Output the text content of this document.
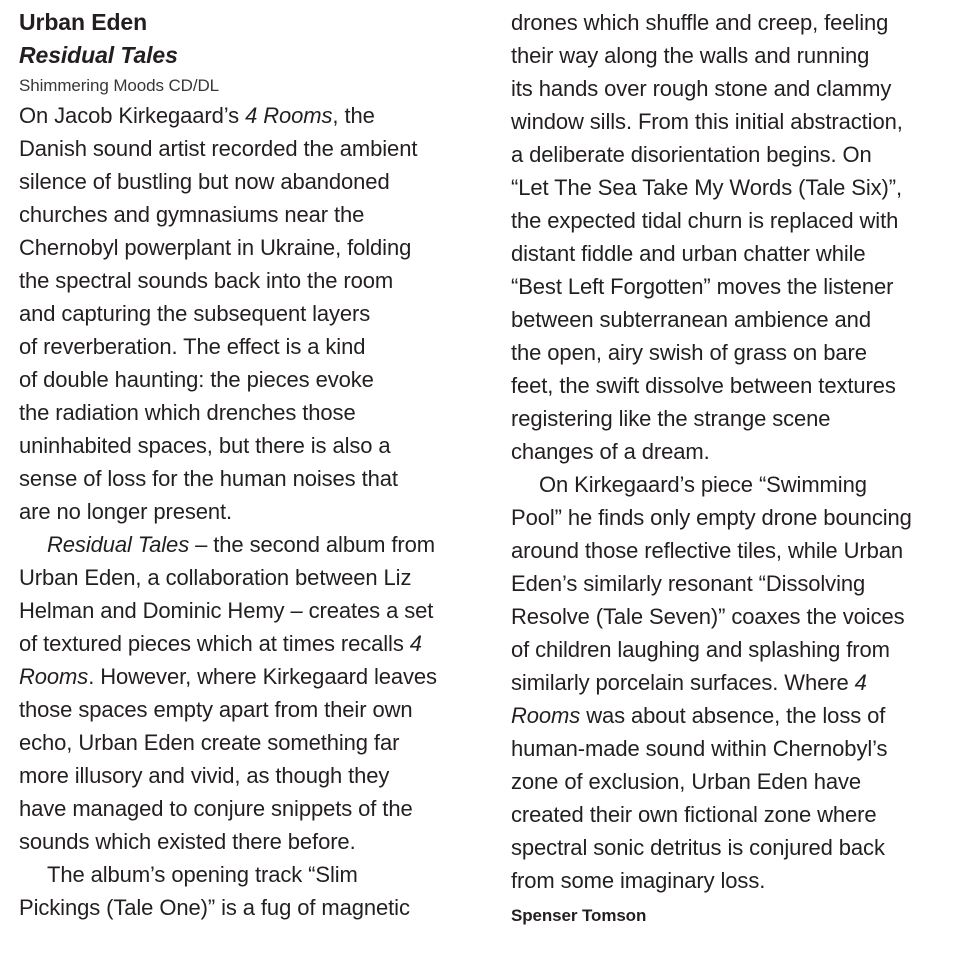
Urban Eden
Residual Tales
Shimmering Moods CD/DL
On Jacob Kirkegaard’s 4 Rooms, the
Danish sound artist recorded the ambient
silence of bustling but now abandoned
churches and gymnasiums near the
Chernobyl powerplant in Ukraine, folding
the spectral sounds back into the room
and capturing the subsequent layers
of reverberation. The effect is a kind
of double haunting: the pieces evoke
the radiation which drenches those
uninhabited spaces, but there is also a
sense of loss for the human noises that
are no longer present.
Residual Tales – the second album from
Urban Eden, a collaboration between Liz
Helman and Dominic Hemy – creates a set
of textured pieces which at times recalls 4
Rooms. However, where Kirkegaard leaves
those spaces empty apart from their own
echo, Urban Eden create something far
more illusory and vivid, as though they
have managed to conjure snippets of the
sounds which existed there before.
The album’s opening track “Slim
Pickings (Tale One)” is a fug of magnetic
drones which shuffle and creep, feeling
their way along the walls and running
its hands over rough stone and clammy
window sills. From this initial abstraction,
a deliberate disorientation begins. On
“Let The Sea Take My Words (Tale Six)”,
the expected tidal churn is replaced with
distant fiddle and urban chatter while
“Best Left Forgotten” moves the listener
between subterranean ambience and
the open, airy swish of grass on bare
feet, the swift dissolve between textures
registering like the strange scene
changes of a dream.
On Kirkegaard’s piece “Swimming
Pool” he finds only empty drone bouncing
around those reflective tiles, while Urban
Eden’s similarly resonant “Dissolving
Resolve (Tale Seven)” coaxes the voices
of children laughing and splashing from
similarly porcelain surfaces. Where 4
Rooms was about absence, the loss of
human-made sound within Chernobyl’s
zone of exclusion, Urban Eden have
created their own fictional zone where
spectral sonic detritus is conjured back
from some imaginary loss.
Spenser Tomson
